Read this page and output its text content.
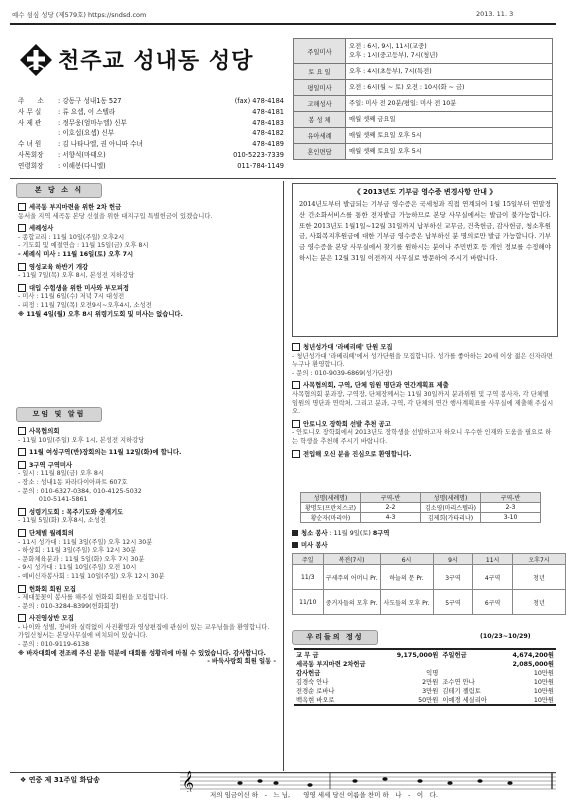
예수 섬심 성당 (제579호) https://sndsd.com	2013. 11. 3
천주교 성내동 성당
주　　소	: 강동구 성내1동 527	(fax) 478-4184
사 무 실	: 류 요셉, 이 스텔라	478-4181
사 제 관	: 정무웅(엄마누엘) 신부	478-4183
: 이호섭(요셉) 신부	478-4182
수 녀 원	: 김 나타나엘, 권 아니따 수녀	478-4189
사목회장	: 서향석(마태오)	010-5223-7339
연령회장	: 이해봉(다니엘)	011-784-1149
주일미사	오전 : 6시, 9시, 11시(교중)
오후 : 1시(중고등부), 7시(청년)
토 요 일	오후 : 4시(초등부), 7시(특전)
평일미사	오전 : 6시(월 ~ 토) 오전 : 10시(화 ~ 금)
고해성사	주일: 미사 전 20분/평일: 미사 전 10분
봉 성 체	매월 셋째 금요일
유아세례	매월 셋째 토요일 오후 5시
혼인면담	매월 셋째 토요일 오후 5시
본 당 소 식
세곡동 부지마련을 위한 2차 헌금
동서울 지역 세곡동 본당 신설을 위한 대지구입 특별헌금이 있겠습니다.
세례성사
- 종합교리 : 11월 10일(주일) 오후2시
- 기도회 및 예절연습 : 11월 15일(금) 오후 8시
- 세례식 미사 : 11월 16일(토) 오후 7시
영성교육 하반기 개강
- 11월 7일(목) 오후 8시, 본성전 지하강당
대입 수험생을 위한 미사와 부모피정
- 미사 : 11월 6일(수) 저녁 7시 대성전
- 피정 : 11월 7일(목) 오전9시~오후4시, 소성전
※ 11월 4일(월) 오후 8시 위령기도회 및 미사는 없습니다.
모임 및 알림
사목협의회
- 11월 10일(주일) 오후 1시, 본성전 지하강당
11월 여성구역(반)장회의는 11월 12일(화)에 합니다.
3구역 구역미사
- 일시 : 11월 8일(금) 오후 8시
- 장소 : 성내1동 파라다이아파트 607호
- 문의 : 010-6327-0384, 010-4125-5032
　　　 010-5141-5861
성령기도회 : 목주기도와 중재기도
- 11월 5일(화) 오후8시, 소성전
단체별 월례회의
- 11시 성가대 : 11월 3일(주일) 오후 12시 30분
- 하상회 : 11월 3일(주일) 오후 12시 30분
- 문화체육분과 : 11월 5일(화) 오후 7시 30분
- 9시 성가대 : 11월 10일(주일) 오전 10시
- 예비신자봉사회 : 11월 10일(주일) 오후 12시 30분
헌화회 회원 모집
- 제대꽃꽂이 봉사를 해주실 헌화회 회원을 모집합니다.
- 문의 : 010-3284-8399(헌화회장)
사진영상반 모집
- 나이와 성별, 장비와 실력없이 사진촬영과 영상편집에 관심이 있는 교우님들을 환영합니다. 가입신청서는 본당사무실에 비치되어 있습니다.
- 문의 : 010-9119-6138
※ 바자대회에 전조례 주신 분들 덕분에 대회를 성황리에 마칠 수 있었습니다. 감사합니다.
- 바둑사랑회 회원 일동 -
《 2013년도 기부금 영수증 변경사항 안내 》
2014년도부터 발급되는 기부금 영수증은 국세청과 직접 연계되어 1월 15일부터 연말정산 간소화서비스를 통한 전자발급 가능하므로 본당 사무실에서는 발급이 불가능합니다. 또한 2013년도 1월1일~12월 31일까지 납부하신 교무금, 건축헌금, 감사헌금, 청소후원금, 사회복지후원금에 대한 기부금 영수증은 납부하신 분 명의로만 발급 가능합니다. 기부금 영수증을 본당 사무실에서 찾기를 원하시는 분이나 주민번호 등 개인 정보를 수정해야 하시는 분은 12월 31일 이전까지 사무실로 방문하여 주시기 바랍니다.
청년성가대 '라베리떼' 단원 모집
- 청년성가대 '라베리떼'에서 성가단원을 모집합니다. 성가를 좋아하는 20세 이상 젊은 신자라면 누구나 환영합니다.
- 문의 : 010-9039-6869(성가단장)
사목협의회, 구역, 단체 임원 명단과 연간계획표 제출
사목협의회 분과장, 구역장, 단체장께서는 11월 30일까지 분과위원 및 구역 봉사자, 각 단체별 임원의 명단과 연락처, 그리고 분과, 구역, 각 단체의 연간 행사계획표를 사무실에 제출해 주십시오.
안토니오 장학회 선발 추천 공고
- 안토니오 장학회에서 2013년도 장학생을 선발하고자 하오니 우수한 인재와 도움을 필요로 하는 학생을 추천해 주시기 바랍니다.
전입해 오신 분을 진심으로 환영합니다.
성명(세례명)	구역-반	성명(세례명)	구역-반
황명도(프란치스코)	2-2	김소영(마리스텔라)	2-3
황순자(마리아)	4-3	김제희(가타리나)	3-10
청소 봉사 : 11월 9일(토) 8구역
미사 봉사
주일	복전(7시)	6시	9시	11시	오후7시
11/3	구세주의 어머니 Pr.	하늘의 문 Pr.	3구역	4구역	청년
11/10	중거자들의 모후 Pr.	사도들의 모후 Pr.	5구역	6구역	청년
우리들의 정성	(10/23~10/29)
교 무 금	9,175,000원	주일헌금	4,674,200원
세곡동 부지마련 2차헌금			2,085,000원
감사헌금	익명		10만원
김경숙 안나	2만원	조수연 안나	10만원
전경순 로바나	3만원	김테기 젤림토	10만원
백옥현 바오로	50만원	이예경 세실리아	10만원
❖ 연중 제 31주일 화답송	𝄞
저의 임금이신 하　-　느 님,　　영영 세세 당신 이름을 찬미 하　나　-　이　다.
